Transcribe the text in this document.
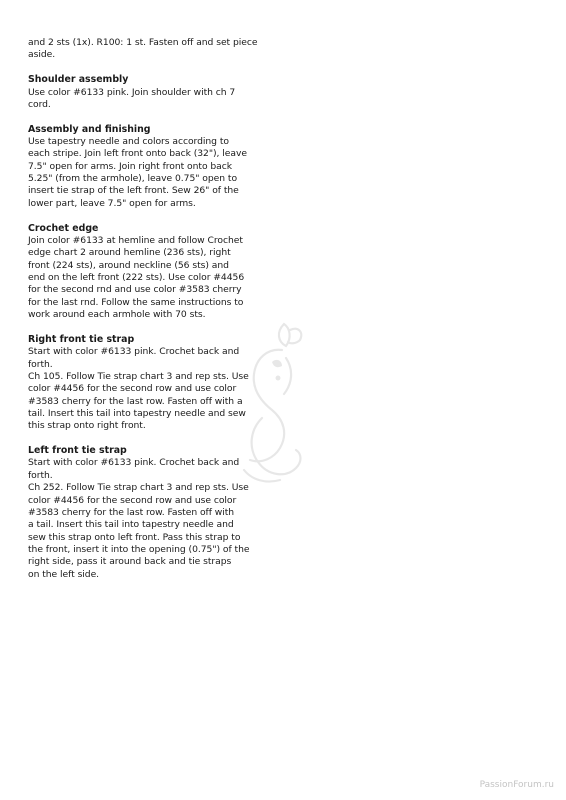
and 2 sts (1x). R100: 1 st. Fasten off and set piece
aside.

Shoulder assembly

Use color #6133 pink. Join shoulder with ch 7
cord.

Assembly and finishing

Use tapestry needle and colors according to
each stripe. Join left front onto back (32"), leave
7.5" open for arms. Join right front onto back
5.25" (from the armhole), leave 0.75" open to
insert tie strap of the left front. Sew 26" of the
lower part, leave 7.5" open for arms.

Crochet edge

Join color #6133 at hemline and follow Crochet
edge chart 2 around hemline (236 sts), right
front (224 sts), around neckline (56 sts) and
end on the left front (222 sts). Use color #4456
for the second rnd and use color #3583 cherry
for the last rnd. Follow the same instructions to
work around each armhole with 70 sts.

Right front tie strap

Start with color #6133 pink. Crochet back and
forth.
Ch 105. Follow Tie strap chart 3 and rep sts. Use
color #4456 for the second row and use color
#3583 cherry for the last row. Fasten off with a
tail. Insert this tail into tapestry needle and sew
this strap onto right front.

Left front tie strap

Start with color #6133 pink. Crochet back and
forth.
Ch 252. Follow Tie strap chart 3 and rep sts. Use
color #4456 for the second row and use color
#3583 cherry for the last row. Fasten off with
a tail. Insert this tail into tapestry needle and
sew this strap onto left front. Pass this strap to
the front, insert it into the opening (0.75") of the
right side, pass it around back and tie straps
on the left side.

PassionForum.ru
